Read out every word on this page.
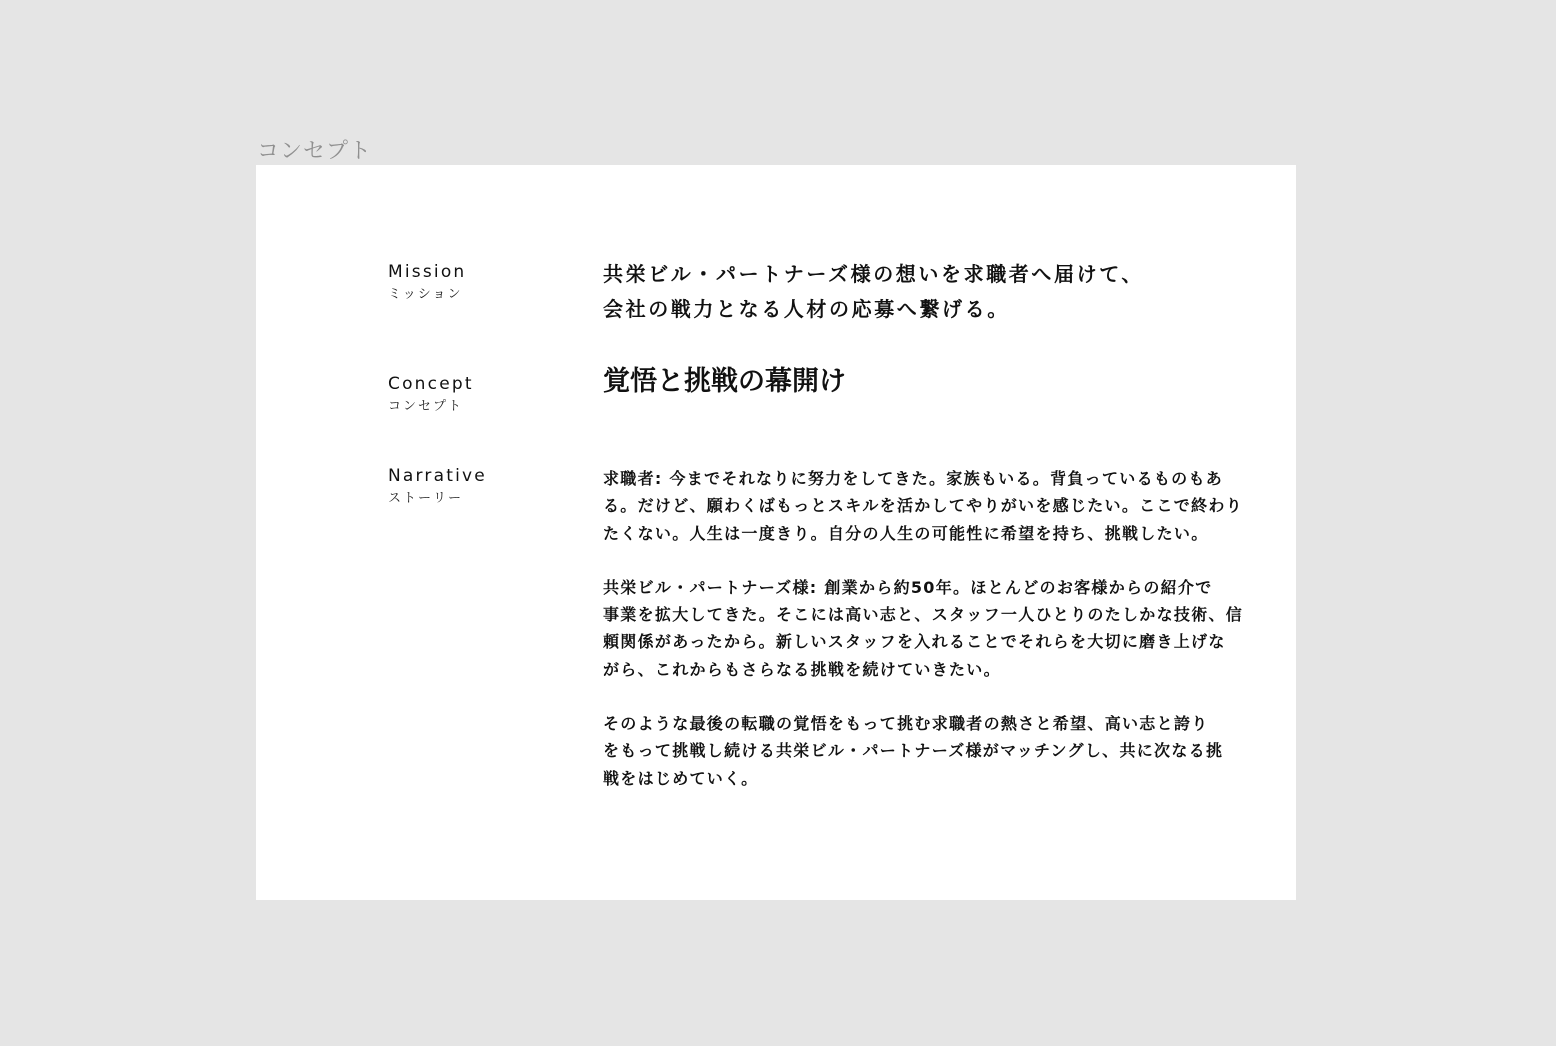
コンセプト
Mission
ミッション
共栄ビル・パートナーズ様の想いを求職者へ届けて、
会社の戦力となる人材の応募へ繋げる。
Concept
コンセプト
覚悟と挑戦の幕開け
Narrative
ストーリー
求職者: 今までそれなりに努力をしてきた。家族もいる。背負っているものもあ
る。だけど、願わくばもっとスキルを活かしてやりがいを感じたい。ここで終わり
たくない。人生は一度きり。自分の人生の可能性に希望を持ち、挑戦したい。
共栄ビル・パートナーズ様: 創業から約50年。ほとんどのお客様からの紹介で
事業を拡大してきた。そこには高い志と、スタッフ一人ひとりのたしかな技術、信
頼関係があったから。新しいスタッフを入れることでそれらを大切に磨き上げな
がら、これからもさらなる挑戦を続けていきたい。
そのような最後の転職の覚悟をもって挑む求職者の熱さと希望、高い志と誇り
をもって挑戦し続ける共栄ビル・パートナーズ様がマッチングし、共に次なる挑
戦をはじめていく。
